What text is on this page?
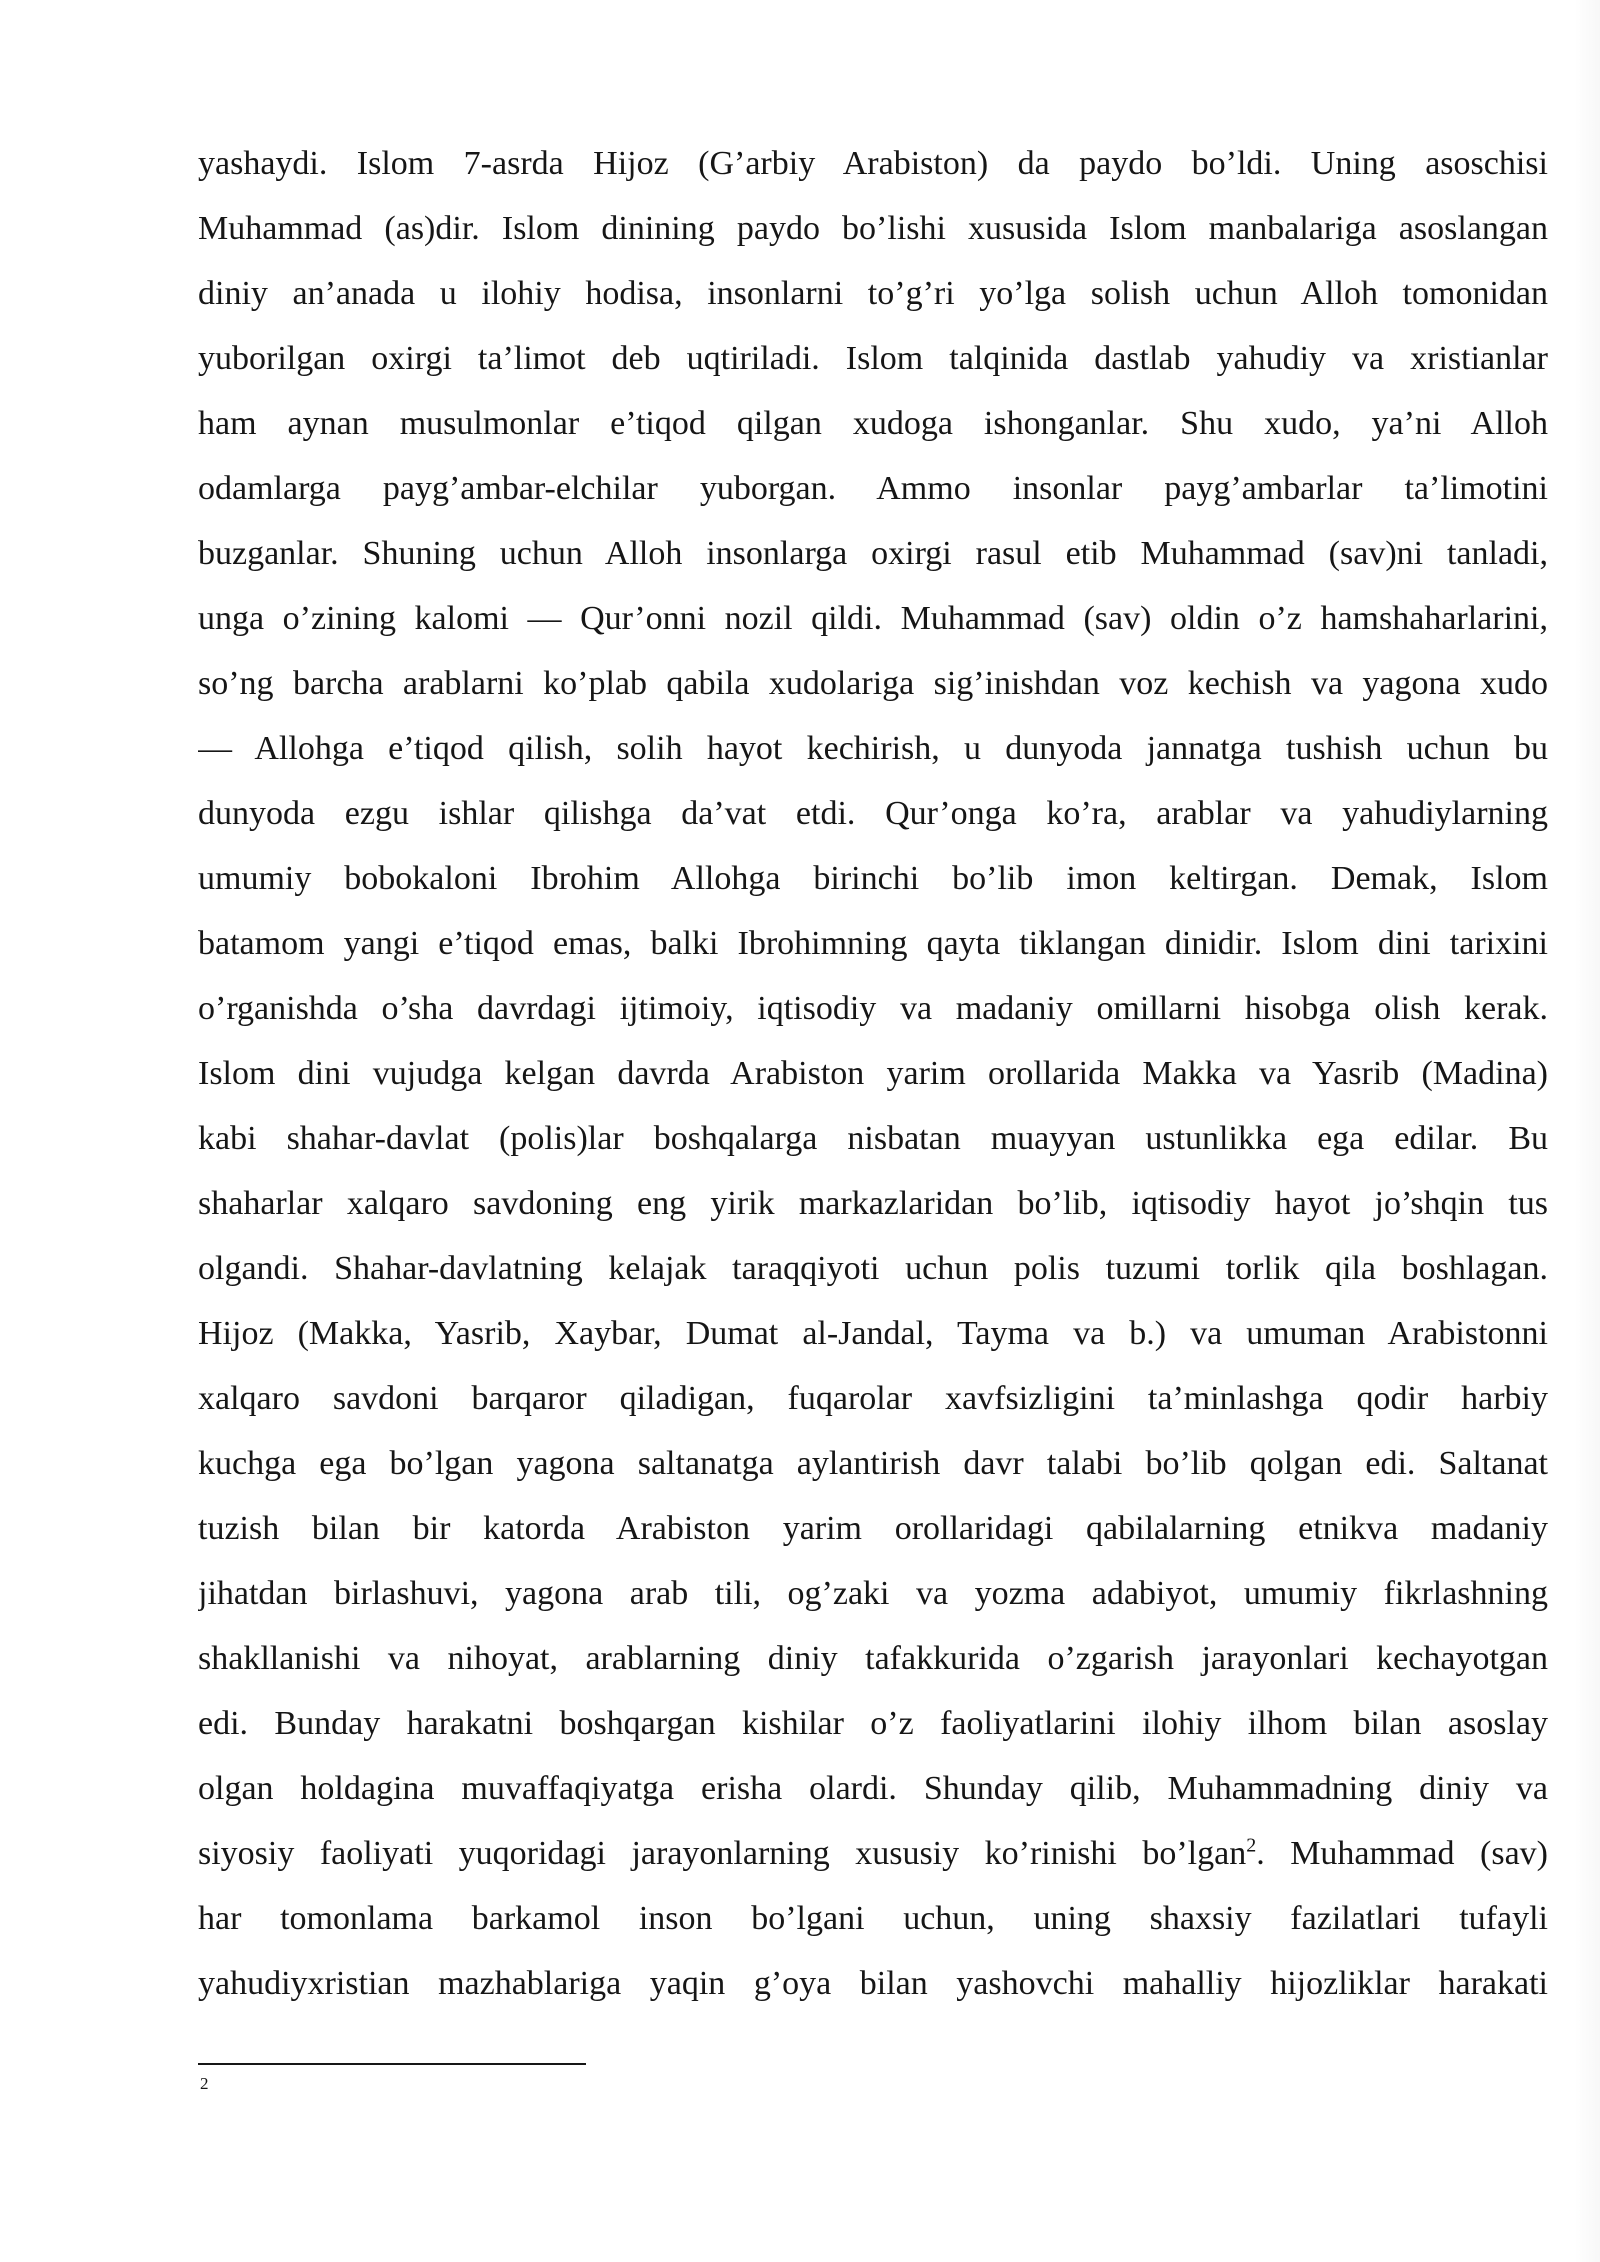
yashaydi. Islom 7-asrda Hijoz (G’arbiy Arabiston) da paydo bo’ldi. Uning asoschisi
Muhammad (as)dir. Islom dinining paydo bo’lishi xususida Islom manbalariga asoslangan
diniy an’anada u ilohiy hodisa, insonlarni to’g’ri yo’lga solish uchun Alloh tomonidan
yuborilgan oxirgi ta’limot deb uqtiriladi. Islom talqinida dastlab yahudiy va xristianlar
ham aynan musulmonlar e’tiqod qilgan xudoga ishonganlar. Shu xudo, ya’ni Alloh
odamlarga payg’ambar-elchilar yuborgan. Ammo insonlar payg’ambarlar ta’limotini
buzganlar. Shuning uchun Alloh insonlarga oxirgi rasul etib Muhammad (sav)ni tanladi,
unga o’zining kalomi — Qur’onni nozil qildi. Muhammad (sav) oldin o’z hamshaharlarini,
so’ng barcha arablarni ko’plab qabila xudolariga sig’inishdan voz kechish va yagona xudo
— Allohga e’tiqod qilish, solih hayot kechirish, u dunyoda jannatga tushish uchun bu
dunyoda ezgu ishlar qilishga da’vat etdi. Qur’onga ko’ra, arablar va yahudiylarning
umumiy bobokaloni Ibrohim Allohga birinchi bo’lib imon keltirgan. Demak, Islom
batamom yangi e’tiqod emas, balki Ibrohimning qayta tiklangan dinidir. Islom dini tarixini
o’rganishda o’sha davrdagi ijtimoiy, iqtisodiy va madaniy omillarni hisobga olish kerak.
Islom dini vujudga kelgan davrda Arabiston yarim orollarida Makka va Yasrib (Madina)
kabi shahar-davlat (polis)lar boshqalarga nisbatan muayyan ustunlikka ega edilar. Bu
shaharlar xalqaro savdoning eng yirik markazlaridan bo’lib, iqtisodiy hayot jo’shqin tus
olgandi. Shahar-davlatning kelajak taraqqiyoti uchun polis tuzumi torlik qila boshlagan.
Hijoz (Makka, Yasrib, Xaybar, Dumat al-Jandal, Tayma va b.) va umuman Arabistonni
xalqaro savdoni barqaror qiladigan, fuqarolar xavfsizligini ta’minlashga qodir harbiy
kuchga ega bo’lgan yagona saltanatga aylantirish davr talabi bo’lib qolgan edi. Saltanat
tuzish bilan bir katorda Arabiston yarim orollaridagi qabilalarning etnikva madaniy
jihatdan birlashuvi, yagona arab tili, og’zaki va yozma adabiyot, umumiy fikrlashning
shakllanishi va nihoyat, arablarning diniy tafakkurida o’zgarish jarayonlari kechayotgan
edi. Bunday harakatni boshqargan kishilar o’z faoliyatlarini ilohiy ilhom bilan asoslay
olgan holdagina muvaffaqiyatga erisha olardi. Shunday qilib, Muhammadning diniy va
siyosiy faoliyati yuqoridagi jarayonlarning xususiy ko’rinishi bo’lgan$^2$. Muhammad (sav)
har tomonlama barkamol inson bo’lgani uchun, uning shaxsiy fazilatlari tufayli
yahudiyxristian mazhablariga yaqin g’oya bilan yashovchi mahalliy hijozliklar harakati
2
